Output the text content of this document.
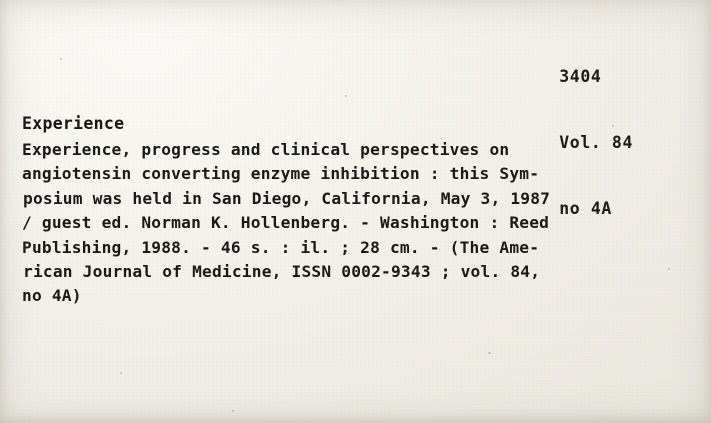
3404

Vol. 84

no 4A

Experience
Experience, progress and clinical perspectives on
angiotensin converting enzyme inhibition : this Sym-
posium was held in San Diego, California, May 3, 1987
/ guest ed. Norman K. Hollenberg. - Washington : Reed
Publishing, 1988. - 46 s. : il. ; 28 cm. - (The Ame-
rican Journal of Medicine, ISSN 0002-9343 ; vol. 84,
no 4A)
